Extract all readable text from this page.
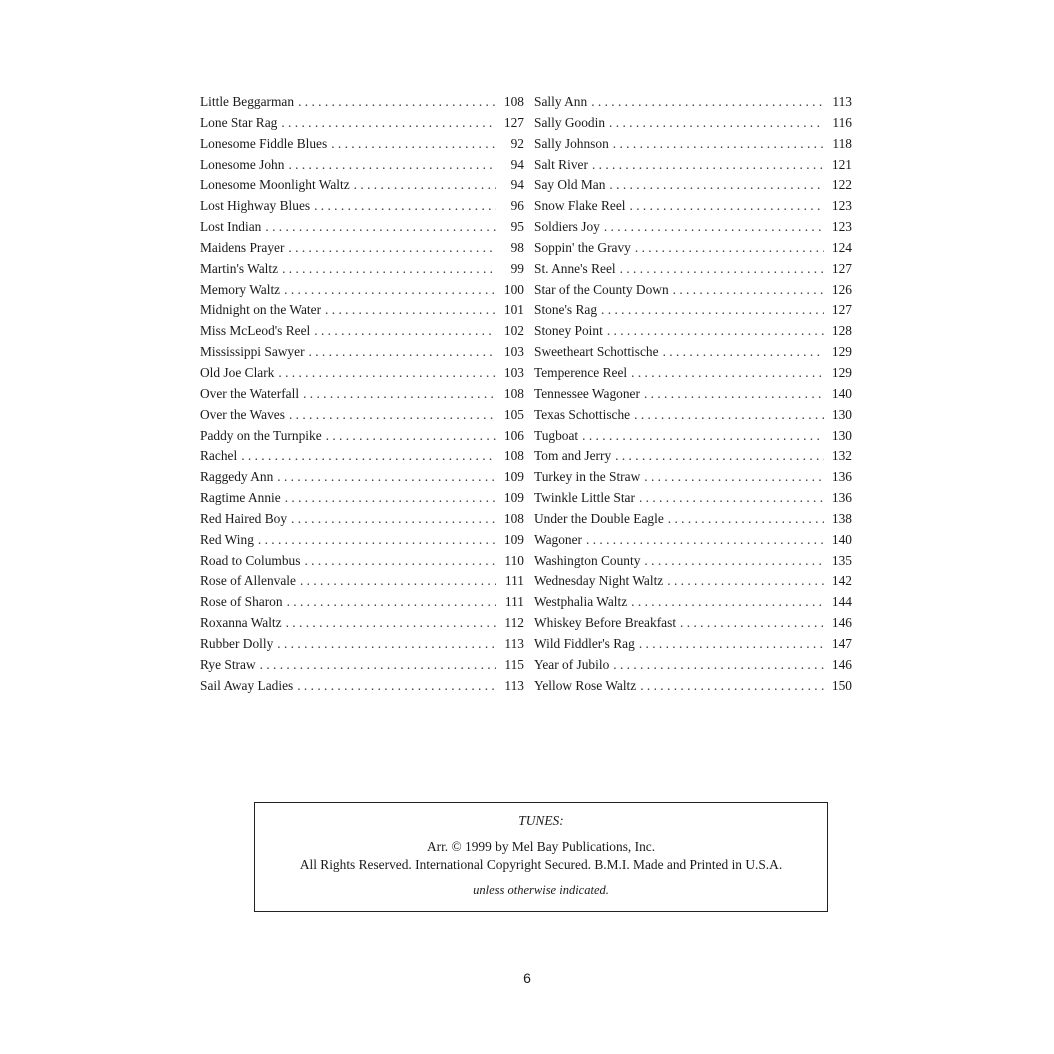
Little Beggarman . . .	108
Lone Star Rag . . .	127
Lonesome Fiddle Blues . . .	92
Lonesome John . . .	94
Lonesome Moonlight Waltz . . .	94
Lost Highway Blues . . .	96
Lost Indian . . .	95
Maidens Prayer . . .	98
Martin's Waltz . . .	99
Memory Waltz . . .	100
Midnight on the Water . . .	101
Miss McLeod's Reel . . .	102
Mississippi Sawyer . . .	103
Old Joe Clark . . .	103
Over the Waterfall . . .	108
Over the Waves . . .	105
Paddy on the Turnpike . . .	106
Rachel . . .	108
Raggedy Ann . . .	109
Ragtime Annie . . .	109
Red Haired Boy . . .	108
Red Wing . . .	109
Road to Columbus . . .	110
Rose of Allenvale . . .	111
Rose of Sharon . . .	111
Roxanna Waltz . . .	112
Rubber Dolly . . .	113
Rye Straw . . .	115
Sail Away Ladies . . .	113
Sally Ann . . .	113
Sally Goodin . . .	116
Sally Johnson . . .	118
Salt River . . .	121
Say Old Man . . .	122
Snow Flake Reel . . .	123
Soldiers Joy . . .	123
Soppin' the Gravy . . .	124
St. Anne's Reel . . .	127
Star of the County Down . . .	126
Stone's Rag . . .	127
Stoney Point . . .	128
Sweetheart Schottische . . .	129
Temperence Reel . . .	129
Tennessee Wagoner . . .	140
Texas Schottische . . .	130
Tugboat . . .	130
Tom and Jerry . . .	132
Turkey in the Straw . . .	136
Twinkle Little Star . . .	136
Under the Double Eagle . . .	138
Wagoner . . .	140
Washington County . . .	135
Wednesday Night Waltz . . .	142
Westphalia Waltz . . .	144
Whiskey Before Breakfast . . .	146
Wild Fiddler's Rag . . .	147
Year of Jubilo . . .	146
Yellow Rose Waltz . . .	150
TUNES:
Arr. © 1999 by Mel Bay Publications, Inc.
All Rights Reserved. International Copyright Secured. B.M.I. Made and Printed in U.S.A.
unless otherwise indicated.
6
